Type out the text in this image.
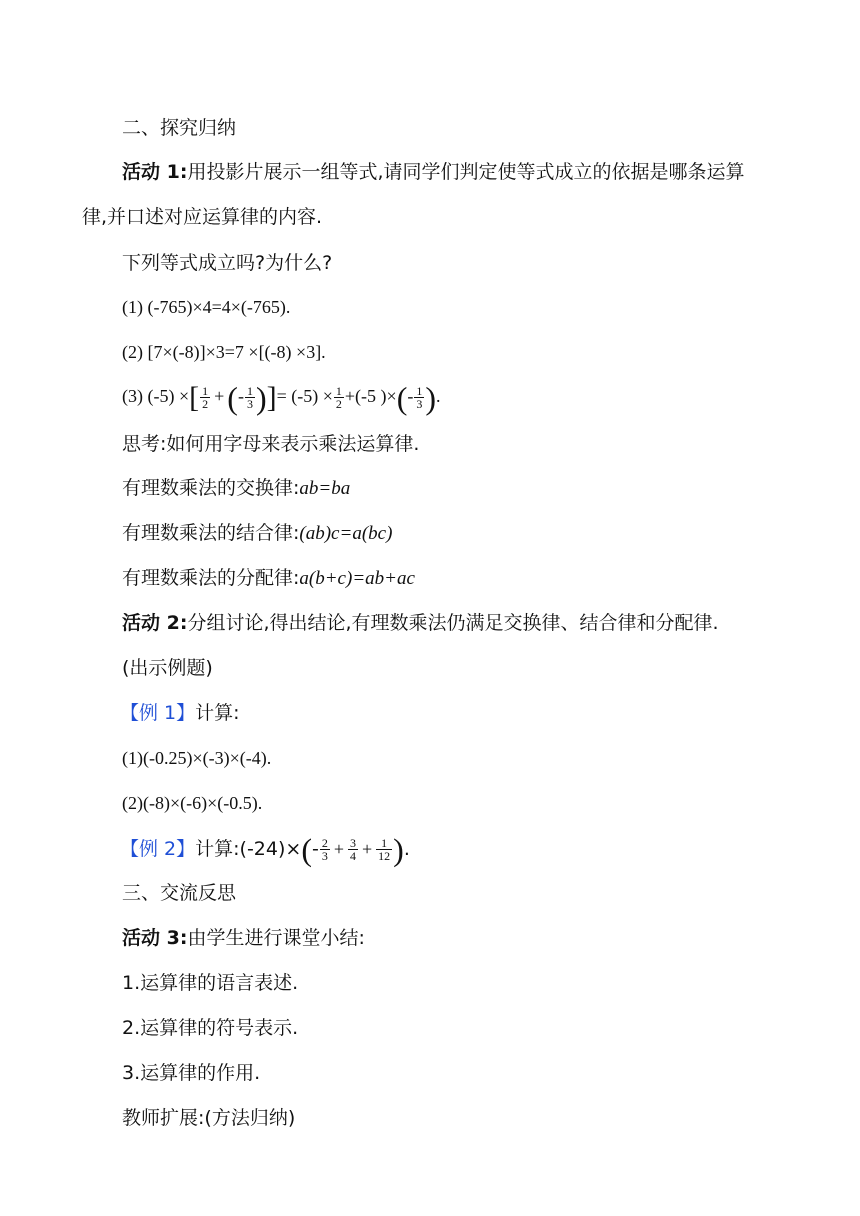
二、探究归纳
活动 1:用投影片展示一组等式,请同学们判定使等式成立的依据是哪条运算
律,并口述对应运算律的内容.
下列等式成立吗?为什么?
(1) (-765)×4=4×(-765).
(2) [7×(-8)]×3=7 ×[(-8) ×3].
(3) (-5) ×[ $\frac{1}{2}$ +(- $\frac{1}{3}$ )]= $(-5) \times \frac{1}{2} +(-5$ )×(- $\frac{1}{3}$ ).
思考:如何用字母来表示乘法运算律.
有理数乘法的交换律:ab=ba
有理数乘法的结合律:(ab)c=a(bc)
有理数乘法的分配律:a(b+c)=ab+ac
活动 2:分组讨论,得出结论,有理数乘法仍满足交换律、结合律和分配律.
(出示例题)
【例 1】计算:
(1)(-0.25)×(-3)×(-4).
(2)(-8)×(-6)×(-0.5).
【例 2】计算:(-24)×(- $\frac{2}{3} + \frac{3}{4} + \frac{1}{12}$ ).
三、交流反思
活动 3:由学生进行课堂小结:
1.运算律的语言表述.
2.运算律的符号表示.
3.运算律的作用.
教师扩展:(方法归纳)
